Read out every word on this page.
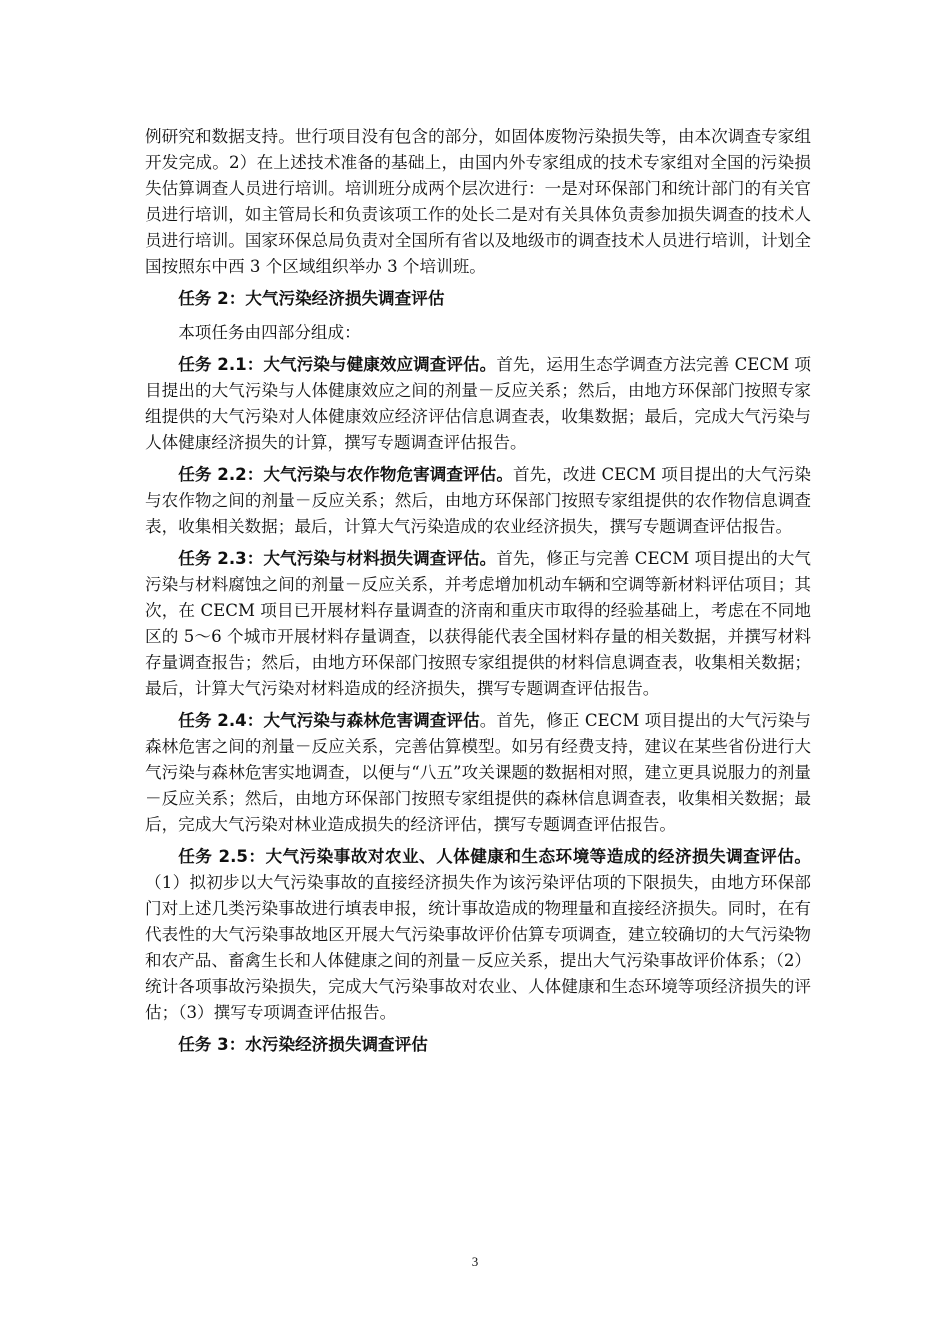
例研究和数据支持。世行项目没有包含的部分，如固体废物污染损失等，由本次调查专家组开发完成。2）在上述技术准备的基础上，由国内外专家组成的技术专家组对全国的污染损失估算调查人员进行培训。培训班分成两个层次进行：一是对环保部门和统计部门的有关官员进行培训，如主管局长和负责该项工作的处长二是对有关具体负责参加损失调查的技术人员进行培训。国家环保总局负责对全国所有省以及地级市的调查技术人员进行培训，计划全国按照东中西 3 个区域组织举办 3 个培训班。

任务 2：大气污染经济损失调查评估

本项任务由四部分组成：

任务 2.1：大气污染与健康效应调查评估。首先，运用生态学调查方法完善 CECM 项目提出的大气污染与人体健康效应之间的剂量－反应关系；然后，由地方环保部门按照专家组提供的大气污染对人体健康效应经济评估信息调查表，收集数据；最后，完成大气污染与人体健康经济损失的计算，撰写专题调查评估报告。

任务 2.2：大气污染与农作物危害调查评估。首先，改进 CECM 项目提出的大气污染与农作物之间的剂量－反应关系；然后，由地方环保部门按照专家组提供的农作物信息调查表，收集相关数据；最后，计算大气污染造成的农业经济损失，撰写专题调查评估报告。

任务 2.3：大气污染与材料损失调查评估。首先，修正与完善 CECM 项目提出的大气污染与材料腐蚀之间的剂量－反应关系，并考虑增加机动车辆和空调等新材料评估项目；其次，在 CECM 项目已开展材料存量调查的济南和重庆市取得的经验基础上，考虑在不同地区的 5～6 个城市开展材料存量调查，以获得能代表全国材料存量的相关数据，并撰写材料存量调查报告；然后，由地方环保部门按照专家组提供的材料信息调查表，收集相关数据；最后，计算大气污染对材料造成的经济损失，撰写专题调查评估报告。

任务 2.4：大气污染与森林危害调查评估。首先，修正 CECM 项目提出的大气污染与森林危害之间的剂量－反应关系，完善估算模型。如另有经费支持，建议在某些省份进行大气污染与森林危害实地调查，以便与“八五”攻关课题的数据相对照，建立更具说服力的剂量－反应关系；然后，由地方环保部门按照专家组提供的森林信息调查表，收集相关数据；最后，完成大气污染对林业造成损失的经济评估，撰写专题调查评估报告。

任务 2.5：大气污染事故对农业、人体健康和生态环境等造成的经济损失调查评估。（1）拟初步以大气污染事故的直接经济损失作为该污染评估项的下限损失，由地方环保部门对上述几类污染事故进行填表申报，统计事故造成的物理量和直接经济损失。同时，在有代表性的大气污染事故地区开展大气污染事故评价估算专项调查，建立较确切的大气污染物和农产品、畜禽生长和人体健康之间的剂量－反应关系，提出大气污染事故评价体系；（2）统计各项事故污染损失，完成大气污染事故对农业、人体健康和生态环境等项经济损失的评估；（3）撰写专项调查评估报告。

任务 3：水污染经济损失调查评估

3
